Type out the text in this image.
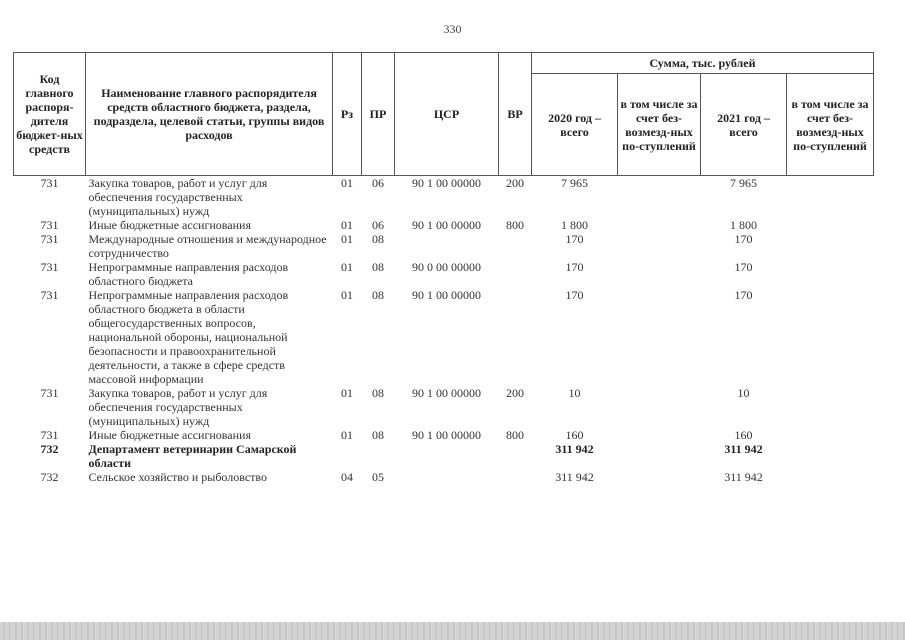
330
Код главного распоря-дителя бюджет-ных средств	Наименование главного распорядителя средств областного бюджета, раздела, подраздела, целевой статьи, группы видов расходов	Рз	ПР	ЦСР	ВР	Сумма, тыс. рублей			
						2020 год – всего	в том числе за счет без-возмезд-ных по-ступлений	2021 год – всего	в том числе за счет без-возмезд-ных по-ступлений
731	Закупка товаров, работ и услуг для обеспечения государственных (муниципальных) нужд	01	06	90 1 00 00000	200	7 965		7 965	
731	Иные бюджетные ассигнования	01	06	90 1 00 00000	800	1 800		1 800	
731	Международные отношения и международное сотрудничество	01	08			170		170	
731	Непрограммные направления расходов областного бюджета	01	08	90 0 00 00000		170		170	
731	Непрограммные направления расходов областного бюджета в области общегосударственных вопросов, национальной обороны, национальной безопасности и правоохранительной деятельности, а также в сфере средств массовой информации	01	08	90 1 00 00000		170		170	
731	Закупка товаров, работ и услуг для обеспечения государственных (муниципальных) нужд	01	08	90 1 00 00000	200	10		10	
731	Иные бюджетные ассигнования	01	08	90 1 00 00000	800	160		160	
732	Департамент ветеринарии Самарской области					311 942		311 942	
732	Сельское хозяйство и рыболовство	04	05			311 942		311 942	
